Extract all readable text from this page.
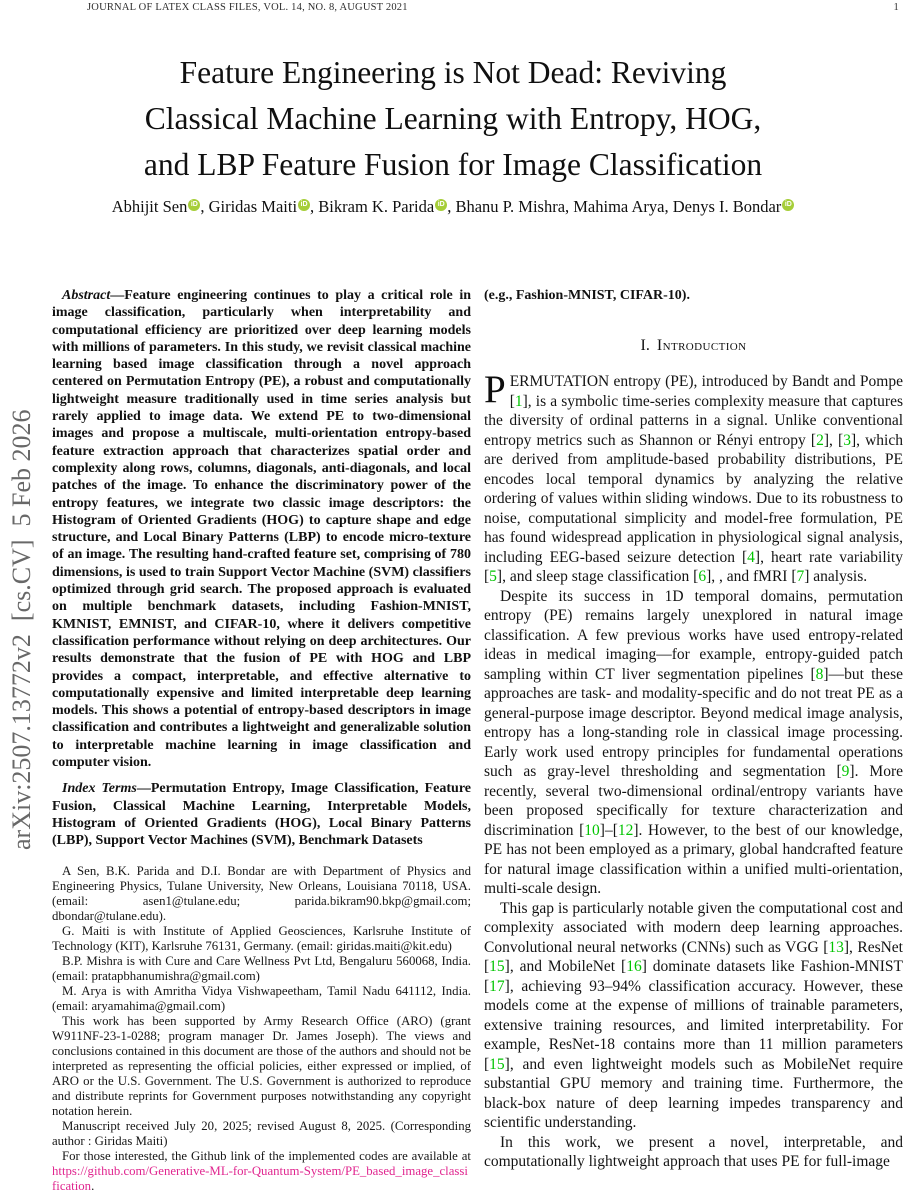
JOURNAL OF LATEX CLASS FILES, VOL. 14, NO. 8, AUGUST 2021	1
arXiv:2507.13772v2  [cs.CV]  5 Feb 2026
Feature Engineering is Not Dead: Reviving
Classical Machine Learning with Entropy, HOG,
and LBP Feature Fusion for Image Classification
Abhijit Sen iD , Giridas Maiti iD , Bikram K. Parida iD , Bhanu P. Mishra, Mahima Arya, Denys I. Bondar iD

Abstract—Feature engineering continues to play a critical role in image classification, particularly when interpretability and computational efficiency are prioritized over deep learning models with millions of parameters. In this study, we revisit classical machine learning based image classification through a novel approach centered on Permutation Entropy (PE), a robust and computationally lightweight measure traditionally used in time series analysis but rarely applied to image data. We extend PE to two-dimensional images and propose a multiscale, multi-orientation entropy-based feature extraction approach that characterizes spatial order and complexity along rows, columns, diagonals, anti-diagonals, and local patches of the image. To enhance the discriminatory power of the entropy features, we integrate two classic image descriptors: the Histogram of Oriented Gradients (HOG) to capture shape and edge structure, and Local Binary Patterns (LBP) to encode micro-texture of an image. The resulting hand-crafted feature set, comprising of 780 dimensions, is used to train Support Vector Machine (SVM) classifiers optimized through grid search. The proposed approach is evaluated on multiple benchmark datasets, including Fashion-MNIST, KMNIST, EMNIST, and CIFAR-10, where it delivers competitive classification performance without relying on deep architectures. Our results demonstrate that the fusion of PE with HOG and LBP provides a compact, interpretable, and effective alternative to computationally expensive and limited interpretable deep learning models. This shows a potential of entropy-based descriptors in image classification and contributes a lightweight and generalizable solution to interpretable machine learning in image classification and computer vision.

Index Terms—Permutation Entropy, Image Classification, Feature Fusion, Classical Machine Learning, Interpretable Models, Histogram of Oriented Gradients (HOG), Local Binary Patterns (LBP), Support Vector Machines (SVM), Benchmark Datasets

A Sen, B.K. Parida and D.I. Bondar are with Department of Physics and Engineering Physics, Tulane University, New Orleans, Louisiana 70118, USA. (email: asen1@tulane.edu; parida.bikram90.bkp@gmail.com; dbondar@tulane.edu).

G. Maiti is with Institute of Applied Geosciences, Karlsruhe Institute of Technology (KIT), Karlsruhe 76131, Germany. (email: giridas.maiti@kit.edu)

B.P. Mishra is with Cure and Care Wellness Pvt Ltd, Bengaluru 560068, India.(email: pratapbhanumishra@gmail.com)

M. Arya is with Amritha Vidya Vishwapeetham, Tamil Nadu 641112, India. (email: aryamahima@gmail.com)

This work has been supported by Army Research Office (ARO) (grant W911NF-23-1-0288; program manager Dr. James Joseph). The views and conclusions contained in this document are those of the authors and should not be interpreted as representing the official policies, either expressed or implied, of ARO or the U.S. Government. The U.S. Government is authorized to reproduce and distribute reprints for Government purposes notwithstanding any copyright notation herein.

Manuscript received July 20, 2025; revised August 8, 2025. (Corresponding author : Giridas Maiti)

For those interested, the Github link of the implemented codes are available at https://github.com/Generative-ML-for-Quantum-System/PE_based_image_classification.

(e.g., Fashion-MNIST, CIFAR-10).

I. Introduction

PERMUTATION entropy (PE), introduced by Bandt and Pompe [1], is a symbolic time-series complexity measure that captures the diversity of ordinal patterns in a signal. Unlike conventional entropy metrics such as Shannon or Rényi entropy [2], [3], which are derived from amplitude-based probability distributions, PE encodes local temporal dynamics by analyzing the relative ordering of values within sliding windows. Due to its robustness to noise, computational simplicity and model-free formulation, PE has found widespread application in physiological signal analysis, including EEG-based seizure detection [4], heart rate variability [5], and sleep stage classification [6], , and fMRI [7] analysis.

Despite its success in 1D temporal domains, permutation entropy (PE) remains largely unexplored in natural image classification. A few previous works have used entropy-related ideas in medical imaging—for example, entropy-guided patch sampling within CT liver segmentation pipelines [8]—but these approaches are task- and modality-specific and do not treat PE as a general-purpose image descriptor. Beyond medical image analysis, entropy has a long-standing role in classical image processing. Early work used entropy principles for fundamental operations such as gray-level thresholding and segmentation [9]. More recently, several two-dimensional ordinal/entropy variants have been proposed specifically for texture characterization and discrimination [10]–[12]. However, to the best of our knowledge, PE has not been employed as a primary, global handcrafted feature for natural image classification within a unified multi-orientation, multi-scale design.

This gap is particularly notable given the computational cost and complexity associated with modern deep learning approaches. Convolutional neural networks (CNNs) such as VGG [13], ResNet [15], and MobileNet [16] dominate datasets like Fashion-MNIST [17], achieving 93–94% classification accuracy. However, these models come at the expense of millions of trainable parameters, extensive training resources, and limited interpretability. For example, ResNet-18 contains more than 11 million parameters [15], and even lightweight models such as MobileNet require substantial GPU memory and training time. Furthermore, the black-box nature of deep learning impedes transparency and scientific understanding.

In this work, we present a novel, interpretable, and computationally lightweight approach that uses PE for full-image
